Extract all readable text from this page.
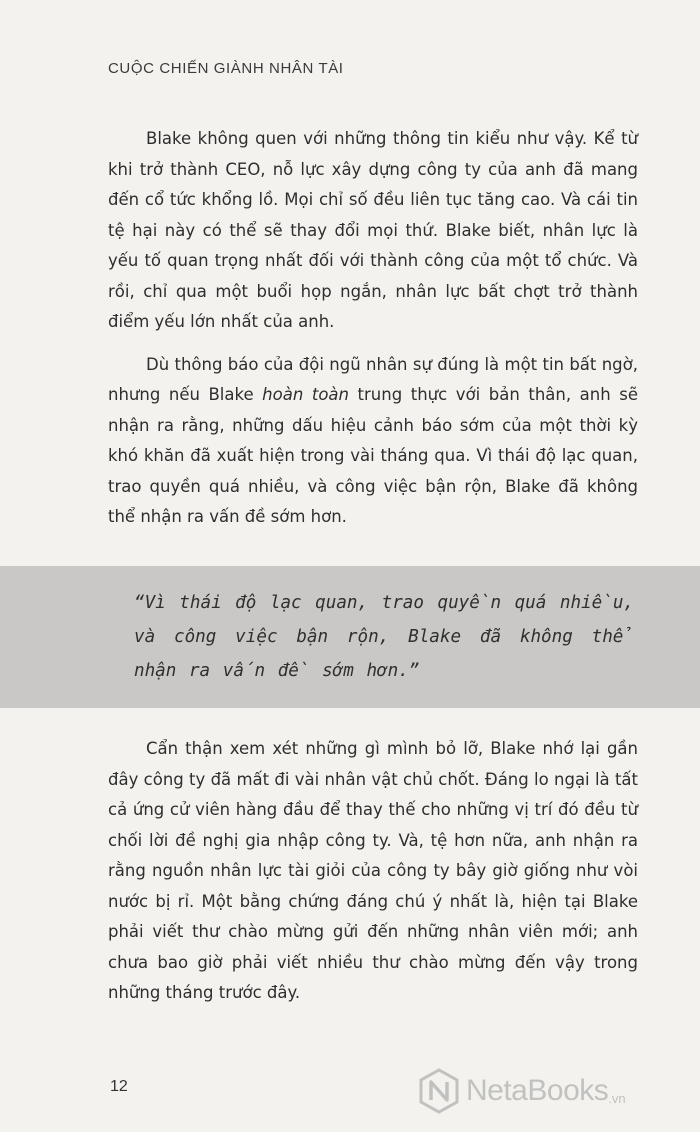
CUỘC CHIẾN GIÀNH NHÂN TÀI

Blake không quen với những thông tin kiểu như vậy. Kể từ khi trở thành CEO, nỗ lực xây dựng công ty của anh đã mang đến cổ tức khổng lồ. Mọi chỉ số đều liên tục tăng cao. Và cái tin tệ hại này có thể sẽ thay đổi mọi thứ. Blake biết, nhân lực là yếu tố quan trọng nhất đối với thành công của một tổ chức. Và rồi, chỉ qua một buổi họp ngắn, nhân lực bất chợt trở thành điểm yếu lớn nhất của anh.

Dù thông báo của đội ngũ nhân sự đúng là một tin bất ngờ, nhưng nếu Blake hoàn toàn trung thực với bản thân, anh sẽ nhận ra rằng, những dấu hiệu cảnh báo sớm của một thời kỳ khó khăn đã xuất hiện trong vài tháng qua. Vì thái độ lạc quan, trao quyền quá nhiều, và công việc bận rộn, Blake đã không thể nhận ra vấn đề sớm hơn.

“Vì thái độ lạc quan, trao quyền quá nhiều, và công việc bận rộn, Blake đã không thể nhận ra vấn đề sớm hơn.”

Cẩn thận xem xét những gì mình bỏ lỡ, Blake nhớ lại gần đây công ty đã mất đi vài nhân vật chủ chốt. Đáng lo ngại là tất cả ứng cử viên hàng đầu để thay thế cho những vị trí đó đều từ chối lời đề nghị gia nhập công ty. Và, tệ hơn nữa, anh nhận ra rằng nguồn nhân lực tài giỏi của công ty bây giờ giống như vòi nước bị rỉ. Một bằng chứng đáng chú ý nhất là, hiện tại Blake phải viết thư chào mừng gửi đến những nhân viên mới; anh chưa bao giờ phải viết nhiều thư chào mừng đến vậy trong những tháng trước đây.

12	NetaBooks .vn
